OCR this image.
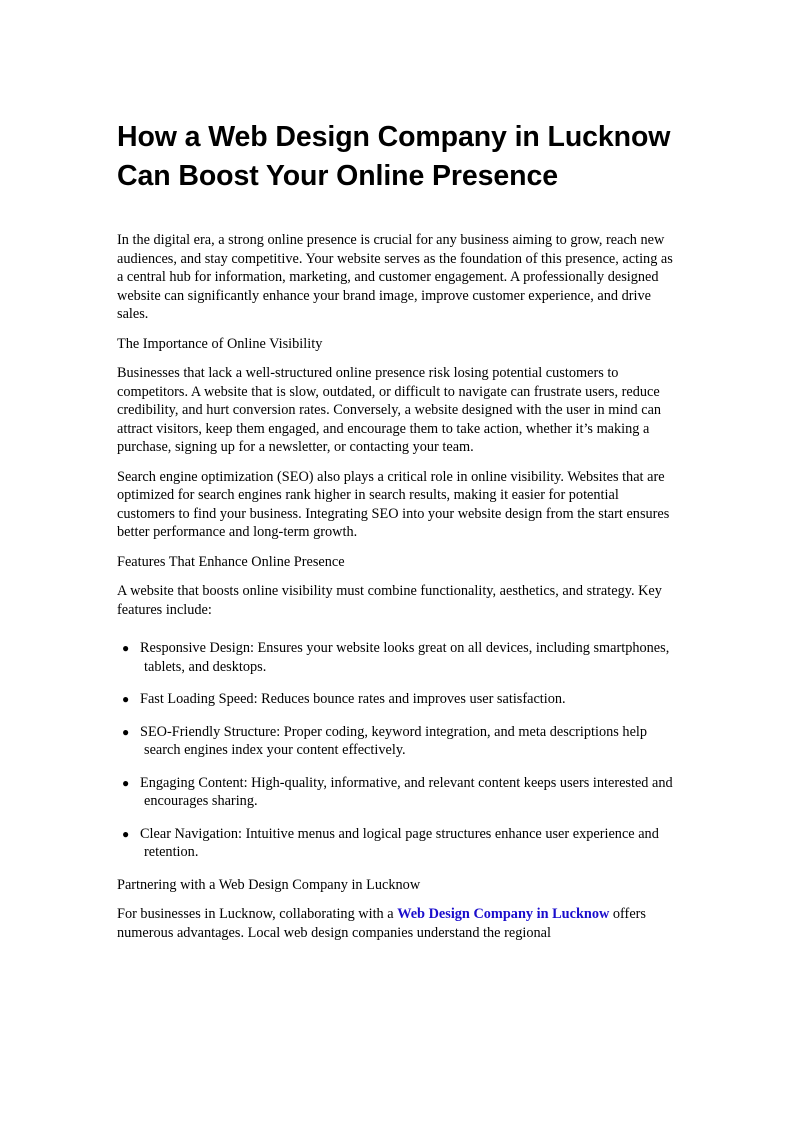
How a Web Design Company in Lucknow Can Boost Your Online Presence

In the digital era, a strong online presence is crucial for any business aiming to grow, reach new audiences, and stay competitive. Your website serves as the foundation of this presence, acting as a central hub for information, marketing, and customer engagement. A professionally designed website can significantly enhance your brand image, improve customer experience, and drive sales.

The Importance of Online Visibility

Businesses that lack a well-structured online presence risk losing potential customers to competitors. A website that is slow, outdated, or difficult to navigate can frustrate users, reduce credibility, and hurt conversion rates. Conversely, a website designed with the user in mind can attract visitors, keep them engaged, and encourage them to take action, whether it’s making a purchase, signing up for a newsletter, or contacting your team.

Search engine optimization (SEO) also plays a critical role in online visibility. Websites that are optimized for search engines rank higher in search results, making it easier for potential customers to find your business. Integrating SEO into your website design from the start ensures better performance and long-term growth.

Features That Enhance Online Presence

A website that boosts online visibility must combine functionality, aesthetics, and strategy. Key features include:

● Responsive Design: Ensures your website looks great on all devices, including smartphones, tablets, and desktops.
● Fast Loading Speed: Reduces bounce rates and improves user satisfaction.
● SEO-Friendly Structure: Proper coding, keyword integration, and meta descriptions help search engines index your content effectively.
● Engaging Content: High-quality, informative, and relevant content keeps users interested and encourages sharing.
● Clear Navigation: Intuitive menus and logical page structures enhance user experience and retention.

Partnering with a Web Design Company in Lucknow

For businesses in Lucknow, collaborating with a Web Design Company in Lucknow offers numerous advantages. Local web design companies understand the regional
